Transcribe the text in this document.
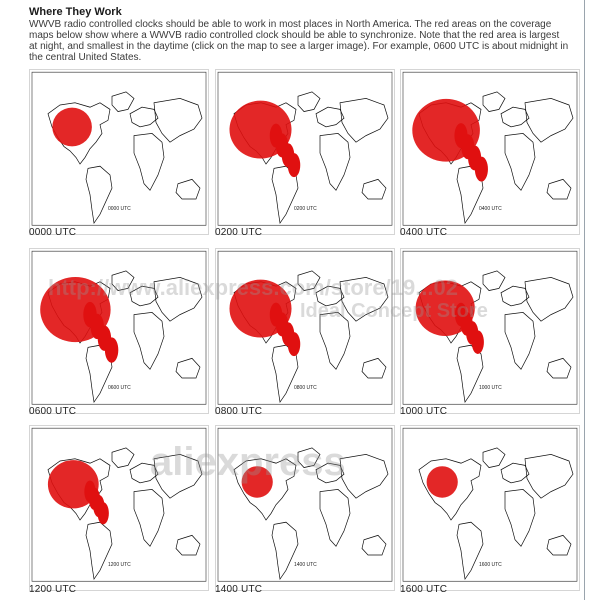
Where They Work
WWVB radio controlled clocks should be able to work in most places in North America. The red areas on the coverage maps below show where a WWVB radio controlled clock should be able to synchronize. Note that the red area is largest at night, and smallest in the daytime (click on the map to see a larger image). For example, 0600 UTC is about midnight in the central United States.
0000 UTC
0000 UTC
0200 UTC
0200 UTC
0400 UTC
0400 UTC
0600 UTC
0600 UTC
0800 UTC
0800 UTC
1000 UTC
1000 UTC
1200 UTC
1200 UTC
1400 UTC
1400 UTC
1600 UTC
1600 UTC
http://www.aliexpress.com/store/19...02
Ideal Concept Store
aliexpress
